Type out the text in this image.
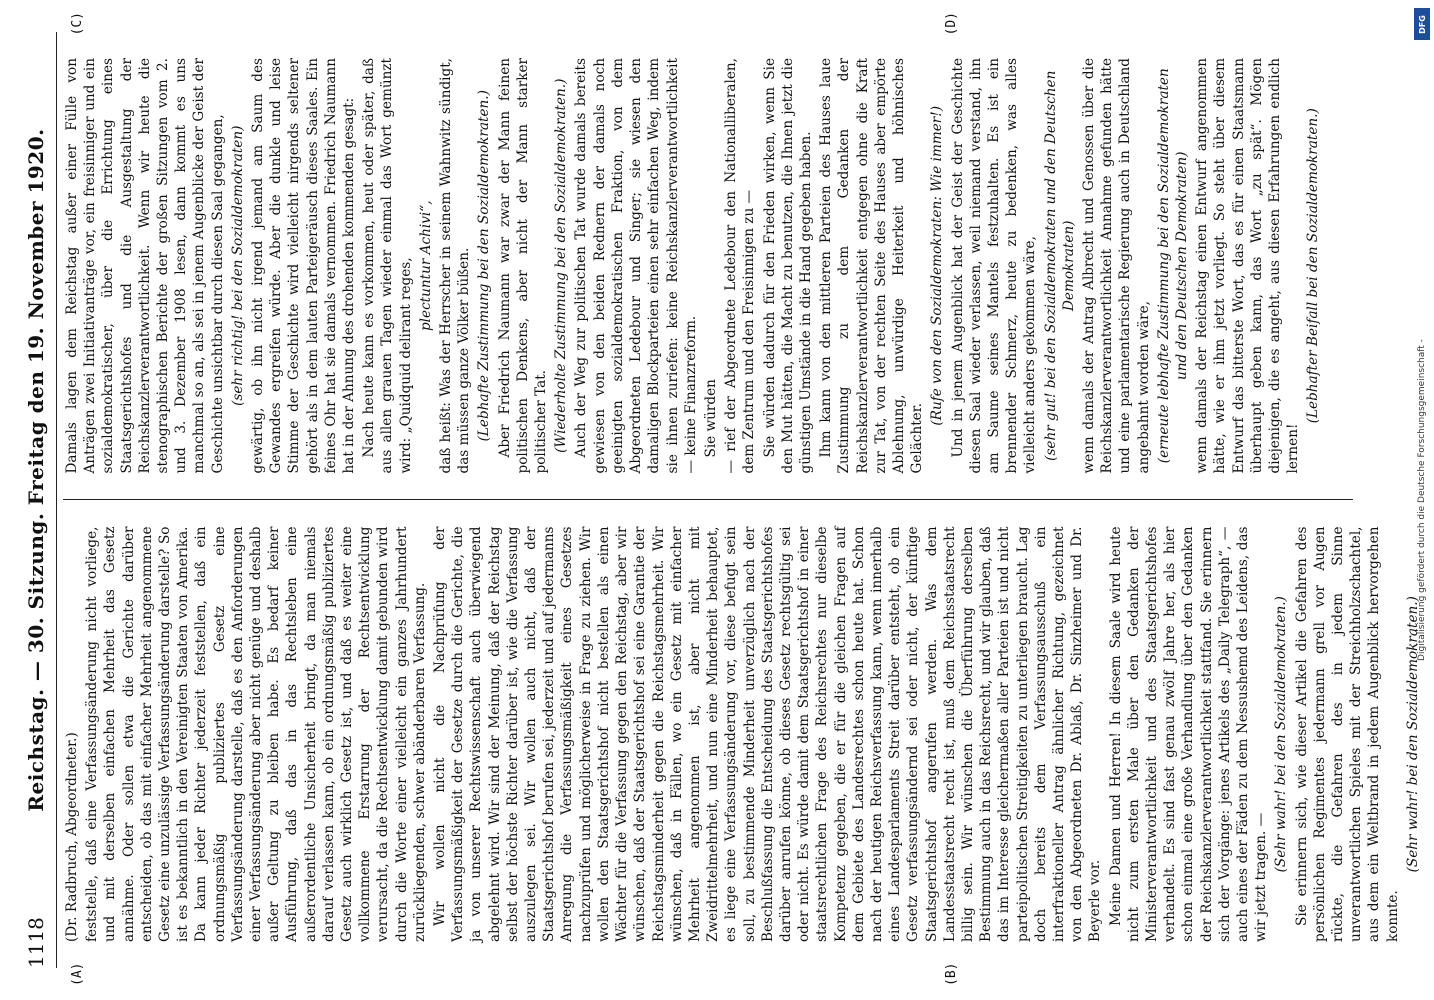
1118
Reichstag. — 30. Sitzung. Freitag den 19. November 1920.
(A)	(B)

(Dr. Radbruch, Abgeordneter.) feststelle, daß eine Verfassungsänderung nicht vorliege, und mit derselben einfachen Mehrheit das Gesetz annähme. Oder sollen etwa die Gerichte darüber entscheiden, ob das mit einfacher Mehrheit angenommene Gesetz eine unzulässige Verfassungsänderung darstelle? So ist es bekanntlich in den Vereinigten Staaten von Amerika. Da kann jeder Richter jederzeit feststellen, daß ein ordnungsmäßig publiziertes Gesetz eine Verfassungsänderung darstelle, daß es den Anforderungen einer Verfassungsänderung aber nicht genüge und deshalb außer Geltung zu bleiben habe. Es bedarf keiner Ausführung, daß das in das Rechtsleben eine außerordentliche Unsicherheit bringt, da man niemals darauf verlassen kann, ob ein ordnungsmäßig publiziertes Gesetz auch wirklich Gesetz ist, und daß es weiter eine vollkommene Erstarrung der Rechtsentwicklung verursacht, da die Rechtsentwicklung damit gebunden wird durch die Worte einer vielleicht ein ganzes Jahrhundert zurückliegenden, schwer abänderbaren Verfassung. Wir wollen nicht die Nachprüfung der Verfassungsmäßigkeit der Gesetze durch die Gerichte, die ja von unserer Rechtswissenschaft auch überwiegend abgelehnt wird. Wir sind der Meinung, daß der Reichstag selbst der höchste Richter darüber ist, wie die Verfassung auszulegen sei. Wir wollen auch nicht, daß der Staatsgerichtshof berufen sei, jederzeit und auf jedermanns Anregung die Verfassungsmäßigkeit eines Gesetzes nachzuprüfen und möglicherweise in Frage zu ziehen. Wir wollen den Staatsgerichtshof nicht bestellen als einen Wächter für die Verfassung gegen den Reichstag, aber wir wünschen, daß der Staatsgerichtshof sei eine Garantie der Reichstagsminderheit gegen die Reichstagsmehrheit. Wir wünschen, daß in Fällen, wo ein Gesetz mit einfacher Mehrheit angenommen ist, aber nicht mit Zweidrittelmehrheit, und nun eine Minderheit behauptet, es liege eine Verfassungsänderung vor, diese befugt sein soll, zu bestimmende Minderheit unverzüglich nach der Beschlußfassung die Entscheidung des Staatsgerichtshofes darüber anrufen könne, ob dieses Gesetz rechtsgültig sei oder nicht. Es würde damit dem Staatsgerichtshof in einer staatsrechtlichen Frage des Reichsrechtes nur dieselbe Kompetenz gegeben, die er für die gleichen Fragen auf dem Gebiete des Landesrechtes schon heute hat. Schon nach der heutigen Reichsverfassung kann, wenn innerhalb eines Landesparlaments Streit darüber entsteht, ob ein Gesetz verfassungsändernd sei oder nicht, der künftige Staatsgerichtshof angerufen werden. Was dem Landesstaatsrecht recht ist, muß dem Reichsstaatsrecht billig sein. Wir wünschen die Überführung derselben Bestimmung auch in das Reichsrecht, und wir glauben, daß das im Interesse gleichermaßen aller Parteien ist und nicht parteipolitischen Streitigkeiten zu unterliegen braucht. Lag doch bereits dem Verfassungsausschuß ein interfraktioneller Antrag ähnlicher Richtung, gezeichnet von den Abgeordneten Dr. Ablaß, Dr. Sinzheimer und Dr. Beyerle vor. Meine Damen und Herren! In diesem Saale wird heute nicht zum ersten Male über den Gedanken der Ministerverantwortlichkeit und des Staatsgerichtshofes verhandelt. Es sind fast genau zwölf Jahre her, als hier schon einmal eine große Verhandlung über den Gedanken der Reichskanzlerverantwortlichkeit stattfand. Sie erinnern sich der Vorgänge: jenes Artikels des „Daily Telegraph“, — auch eines der Fäden zu dem Nessushemd des Leidens, das wir jetzt tragen. —

(Sehr wahr! bei den Sozialdemokraten.) Sie erinnern sich, wie dieser Artikel die Gefahren des persönlichen Regimentes jedermann grell vor Augen rückte, die Gefahren des in jedem Sinne unverantwortlichen Spieles mit der Streichholzschachtel, aus dem ein Weltbrand in jedem Augenblick hervorgehen konnte.

(Sehr wahr! bei den Sozialdemokraten.)

(C)	(D)

Damals lagen dem Reichstag außer einer Fülle von Anträgen zwei Initiativanträge vor, ein freisinniger und ein sozialdemokratischer, über die Errichtung eines Staatsgerichtshofes und die Ausgestaltung der Reichskanzlerverantwortlichkeit. Wenn wir heute die stenographischen Berichte der großen Sitzungen vom 2. und 3. Dezember 1908 lesen, dann kommt es uns manchmal so an, als sei in jenem Augenblicke der Geist der Geschichte unsichtbar durch diesen Saal gegangen, (sehr richtig! bei den Sozialdemokraten) gewärtig, ob ihn nicht irgend jemand am Saum des Gewandes ergreifen würde. Aber die dunkle und leise Stimme der Geschichte wird vielleicht nirgends seltener gehört als in dem lauten Parteigeräusch dieses Saales. Ein feines Ohr hat sie damals vernommen. Friedrich Naumann hat in der Ahnung des drohenden kommenden gesagt: Nach heute kann es vorkommen, heut oder später, daß aus allen grauen Tagen wieder einmal das Wort gemünzt wird: „Quidquid delirant reges, plectuntur Achivi“, daß heißt: Was der Herrscher in seinem Wahnwitz sündigt, das müssen ganze Völker büßen. (Lebhafte Zustimmung bei den Sozialdemokraten.) Aber Friedrich Naumann war zwar der Mann feinen politischen Denkens, aber nicht der Mann starker politischer Tat. (Wiederholte Zustimmung bei den Sozialdemokraten.) Auch der Weg zur politischen Tat wurde damals bereits gewiesen von den beiden Rednern der damals noch geeinigten sozialdemokratischen Fraktion, von dem Abgeordneten Ledebour und Singer; sie wiesen den damaligen Blockparteien einen sehr einfachen Weg, indem sie ihnen zuriefen: keine Reichskanzlerverantwortlichkeit — keine Finanzreform. Sie würden — rief der Abgeordnete Ledebour den Nationalliberalen, dem Zentrum und den Freisinnigen zu — Sie würden dadurch für den Frieden wirken, wenn Sie den Mut hätten, die Macht zu benutzen, die Ihnen jetzt die günstigen Umstände in die Hand gegeben haben. Ihm kann von den mittleren Parteien des Hauses laue Zustimmung zu dem Gedanken der Reichskanzlerverantwortlichkeit entgegen ohne die Kraft zur Tat, von der rechten Seite des Hauses aber empörte Ablehnung, unwürdige Heiterkeit und höhnisches Gelächter.

(Rufe von den Sozialdemokraten: Wie immer!) Und in jenem Augenblick hat der Geist der Geschichte diesen Saal wieder verlassen, weil niemand verstand, ihn am Saume seines Mantels festzuhalten. Es ist ein brennender Schmerz, heute zu bedenken, was alles vielleicht anders gekommen wäre, (sehr gut! bei den Sozialdemokraten und den Deutschen Demokraten) wenn damals der Antrag Albrecht und Genossen über die Reichskanzlerverantwortlichkeit Annahme gefunden hätte und eine parlamentarische Regierung auch in Deutschland angebahnt worden wäre, (erneute lebhafte Zustimmung bei den Sozialdemokraten und den Deutschen Demokraten) wenn damals der Reichstag einen Entwurf angenommen hätte, wie er ihm jetzt vorliegt. So steht über diesem Entwurf das bitterste Wort, das es für einen Staatsmann überhaupt geben kann, das Wort „zu spät“. Mögen diejenigen, die es angeht, aus diesen Erfahrungen endlich lernen!

(Lebhafter Beifall bei den Sozialdemokraten.)

Digitalisierung gefördert durch die Deutsche Forschungsgemeinschaft -
DFG
